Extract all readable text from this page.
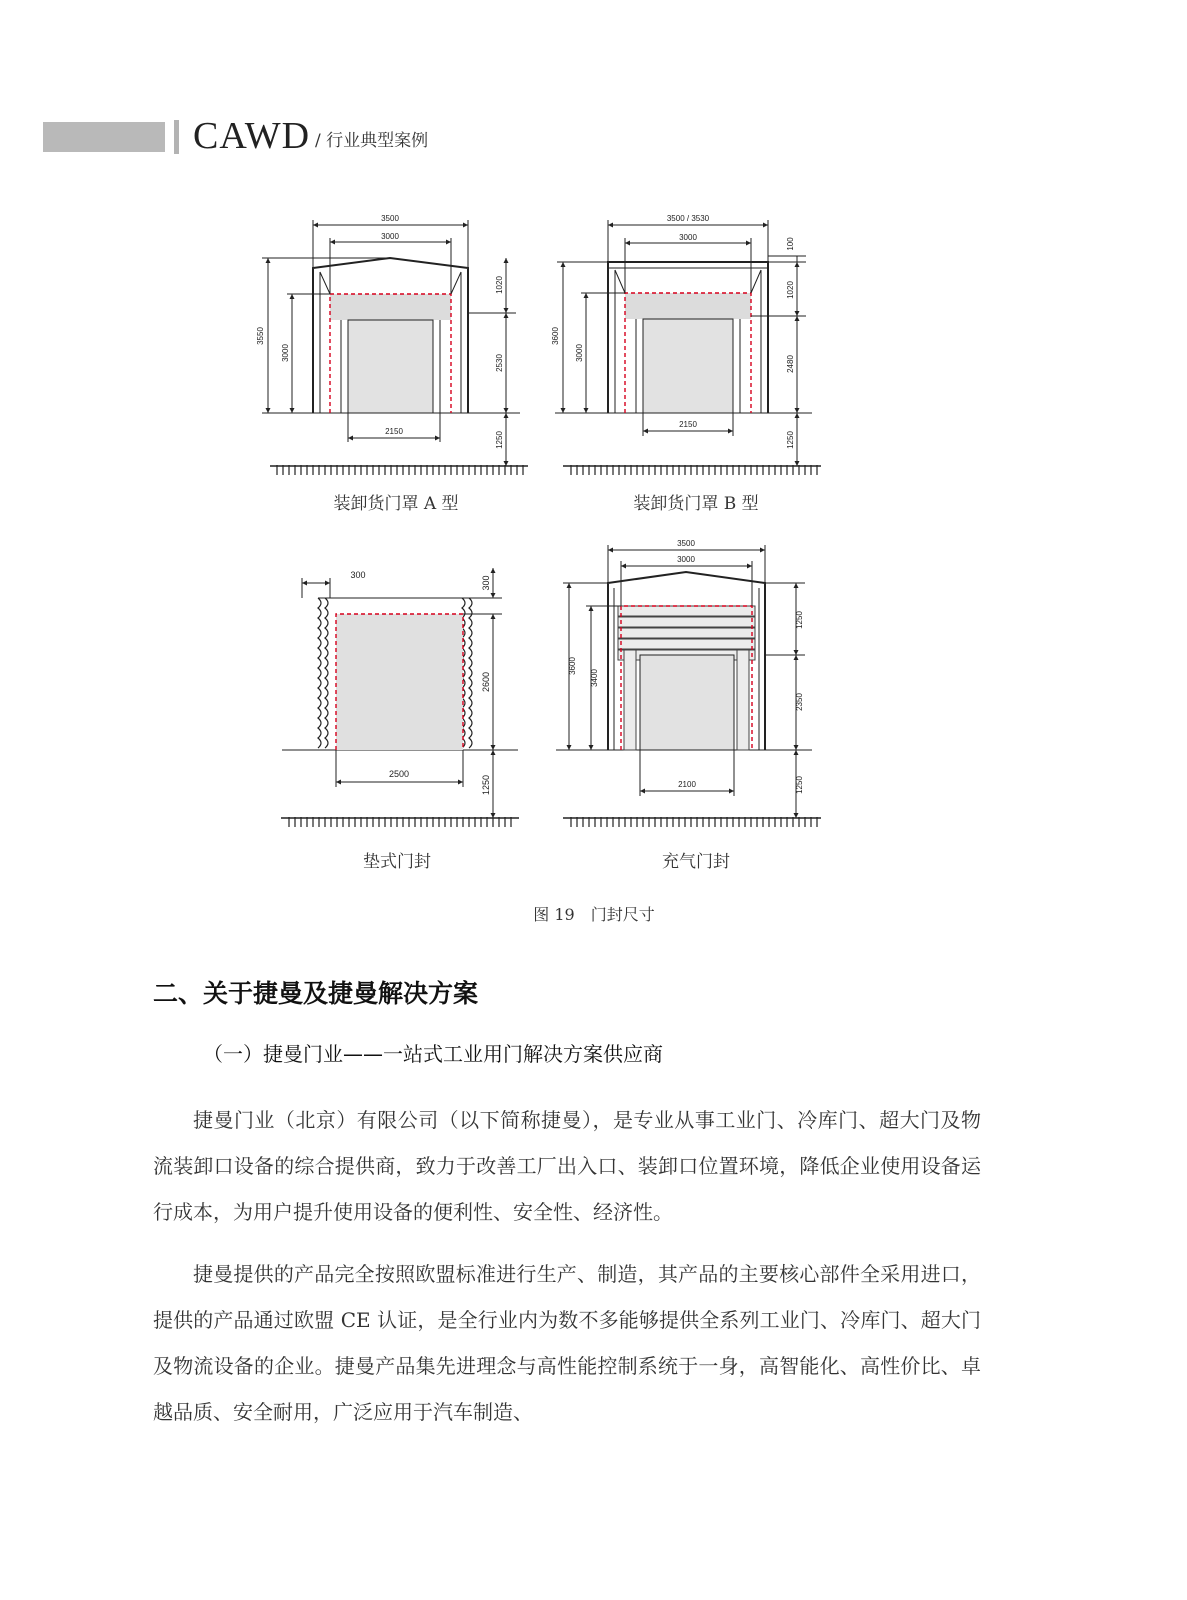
CAWD / 行业典型案例
3500
3000
3550
3000
1020
2530
1250
2150
3500 / 3530
3000
3600
3000
100
1020
2480
1250
2150
300
300
2600
2500
1250
3500
3000
3600
3400
1250
2350
1250
2100
装卸货门罩 A 型	装卸货门罩 B 型
垫式门封	充气门封
图 19　门封尺寸
二、关于捷曼及捷曼解决方案
（一）捷曼门业——一站式工业用门解决方案供应商

捷曼门业（北京）有限公司（以下简称捷曼），是专业从事工业门、冷库门、超大门及物流装卸口设备的综合提供商，致力于改善工厂出入口、装卸口位置环境，降低企业使用设备运行成本，为用户提升使用设备的便利性、安全性、经济性。

捷曼提供的产品完全按照欧盟标准进行生产、制造，其产品的主要核心部件全采用进口，提供的产品通过欧盟 CE 认证，是全行业内为数不多能够提供全系列工业门、冷库门、超大门及物流设备的企业。捷曼产品集先进理念与高性能控制系统于一身，高智能化、高性价比、卓越品质、安全耐用，广泛应用于汽车制造、
